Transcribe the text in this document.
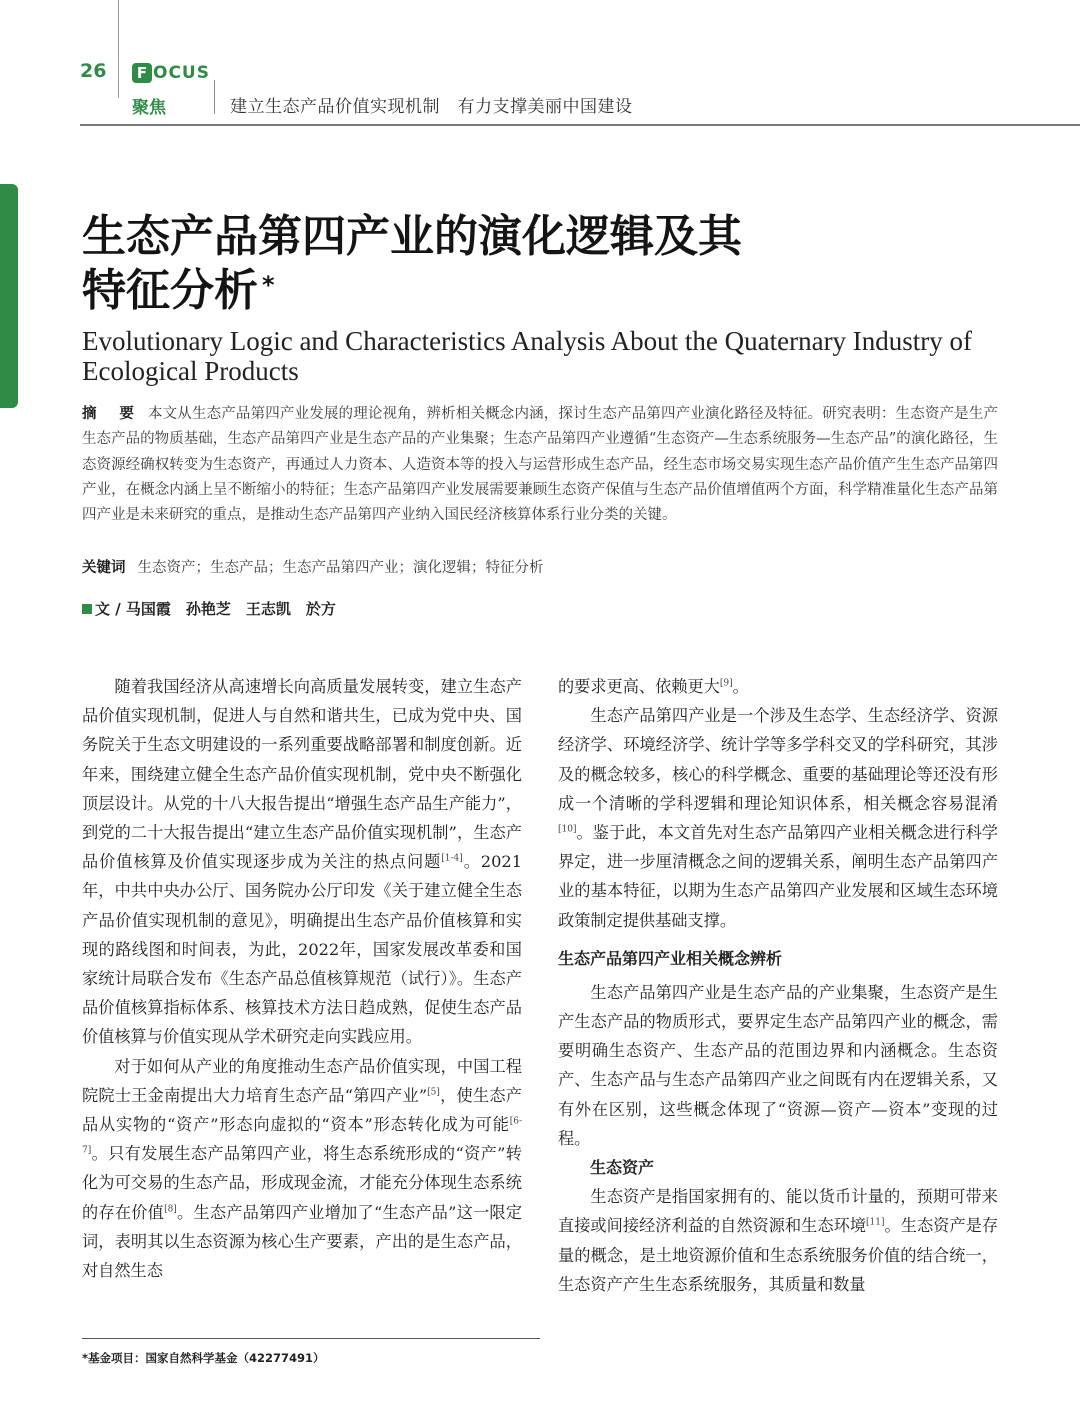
26	F OCUS
聚焦	建立生态产品价值实现机制　有力支撑美丽中国建设
生态产品第四产业的演化逻辑及其
特征分析 *
Evolutionary Logic and Characteristics Analysis About the Quaternary Industry of Ecological Products
摘　要 本文从生态产品第四产业发展的理论视角，辨析相关概念内涵，探讨生态产品第四产业演化路径及特征。研究表明：生态资产是生产生态产品的物质基础，生态产品第四产业是生态产品的产业集聚；生态产品第四产业遵循“生态资产—生态系统服务—生态产品”的演化路径，生态资源经确权转变为生态资产，再通过人力资本、人造资本等的投入与运营形成生态产品，经生态市场交易实现生态产品价值产生生态产品第四产业，在概念内涵上呈不断缩小的特征；生态产品第四产业发展需要兼顾生态资产保值与生态产品价值增值两个方面，科学精准量化生态产品第四产业是未来研究的重点，是推动生态产品第四产业纳入国民经济核算体系行业分类的关键。
关键词 生态资产；生态产品；生态产品第四产业；演化逻辑；特征分析
文 / 马国霞　孙艳芝　王志凯　於方

随着我国经济从高速增长向高质量发展转变，建立生态产品价值实现机制，促进人与自然和谐共生，已成为党中央、国务院关于生态文明建设的一系列重要战略部署和制度创新。近年来，围绕建立健全生态产品价值实现机制，党中央不断强化顶层设计。从党的十八大报告提出“增强生态产品生产能力”，到党的二十大报告提出“建立生态产品价值实现机制”，生态产品价值核算及价值实现逐步成为关注的热点问题[1-4]。2021年，中共中央办公厅、国务院办公厅印发《关于建立健全生态产品价值实现机制的意见》，明确提出生态产品价值核算和实现的路线图和时间表，为此，2022年，国家发展改革委和国家统计局联合发布《生态产品总值核算规范（试行）》。生态产品价值核算指标体系、核算技术方法日趋成熟，促使生态产品价值核算与价值实现从学术研究走向实践应用。

对于如何从产业的角度推动生态产品价值实现，中国工程院院士王金南提出大力培育生态产品“第四产业”[5]，使生态产品从实物的“资产”形态向虚拟的“资本”形态转化成为可能[6-7]。只有发展生态产品第四产业，将生态系统形成的“资产”转化为可交易的生态产品，形成现金流，才能充分体现生态系统的存在价值[8]。生态产品第四产业增加了“生态产品”这一限定词，表明其以生态资源为核心生产要素，产出的是生态产品，对自然生态

的要求更高、依赖更大[9]。

生态产品第四产业是一个涉及生态学、生态经济学、资源经济学、环境经济学、统计学等多学科交叉的学科研究，其涉及的概念较多，核心的科学概念、重要的基础理论等还没有形成一个清晰的学科逻辑和理论知识体系，相关概念容易混淆[10]。鉴于此，本文首先对生态产品第四产业相关概念进行科学界定，进一步厘清概念之间的逻辑关系，阐明生态产品第四产业的基本特征，以期为生态产品第四产业发展和区域生态环境政策制定提供基础支撑。

生态产品第四产业相关概念辨析

生态产品第四产业是生态产品的产业集聚，生态资产是生产生态产品的物质形式，要界定生态产品第四产业的概念，需要明确生态资产、生态产品的范围边界和内涵概念。生态资产、生态产品与生态产品第四产业之间既有内在逻辑关系，又有外在区别，这些概念体现了“资源—资产—资本”变现的过程。

生态资产

生态资产是指国家拥有的、能以货币计量的，预期可带来直接或间接经济利益的自然资源和生态环境[11]。生态资产是存量的概念，是土地资源价值和生态系统服务价值的结合统一，生态资产产生生态系统服务，其质量和数量

*基金项目：国家自然科学基金（42277491）
